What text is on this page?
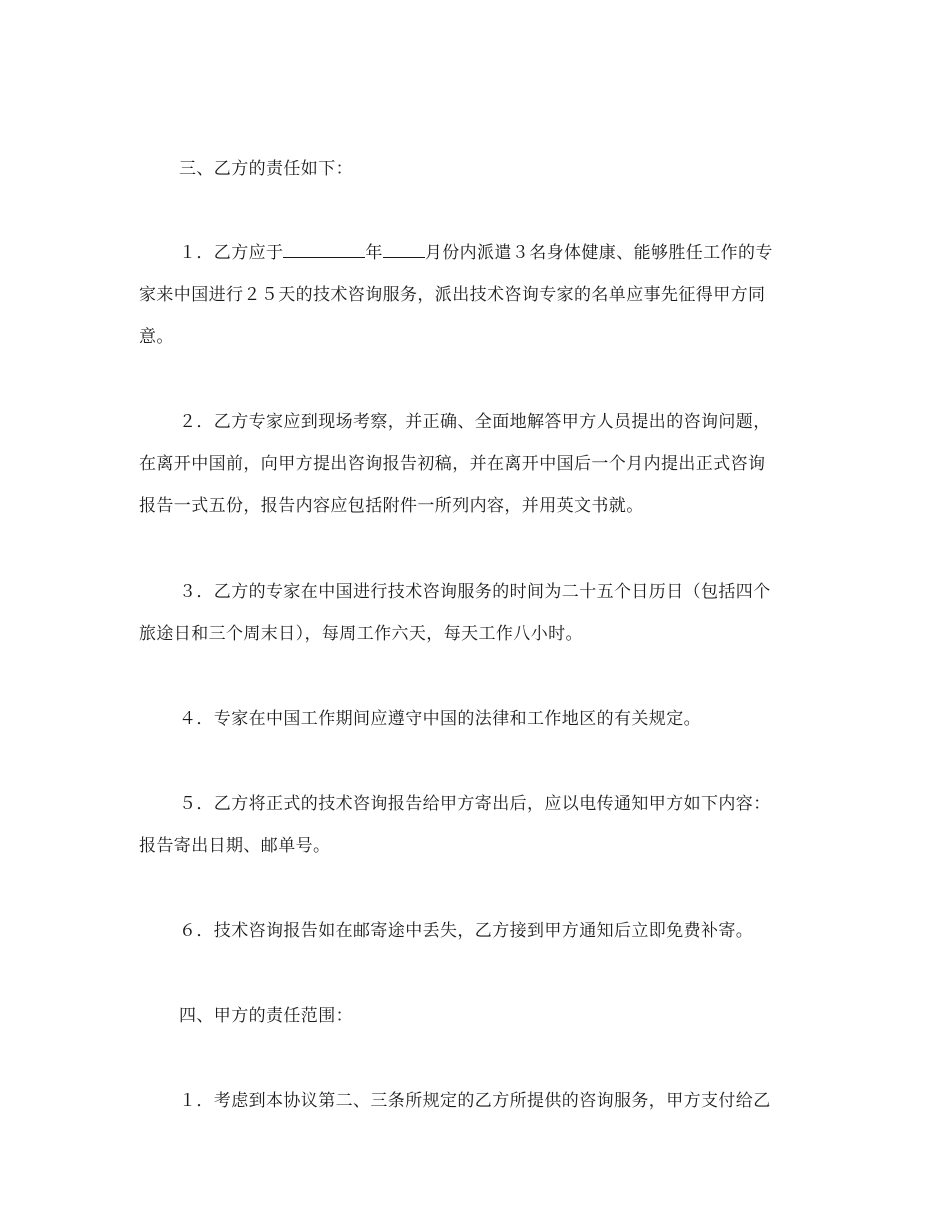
三、乙方的责任如下：
１．乙方应于	年 月份内派遣３名身体健康、能够胜任工作的专
家来中国进行２５天的技术咨询服务，派出技术咨询专家的名单应事先征得甲方同
意。
２．乙方专家应到现场考察，并正确、全面地解答甲方人员提出的咨询问题，
在离开中国前，向甲方提出咨询报告初稿，并在离开中国后一个月内提出正式咨询
报告一式五份，报告内容应包括附件一所列内容，并用英文书就。
３．乙方的专家在中国进行技术咨询服务的时间为二十五个日历日（包括四个
旅途日和三个周末日），每周工作六天，每天工作八小时。
４．专家在中国工作期间应遵守中国的法律和工作地区的有关规定。
５．乙方将正式的技术咨询报告给甲方寄出后，应以电传通知甲方如下内容：
报告寄出日期、邮单号。
６．技术咨询报告如在邮寄途中丢失，乙方接到甲方通知后立即免费补寄。
四、甲方的责任范围：
１．考虑到本协议第二、三条所规定的乙方所提供的咨询服务，甲方支付给乙
